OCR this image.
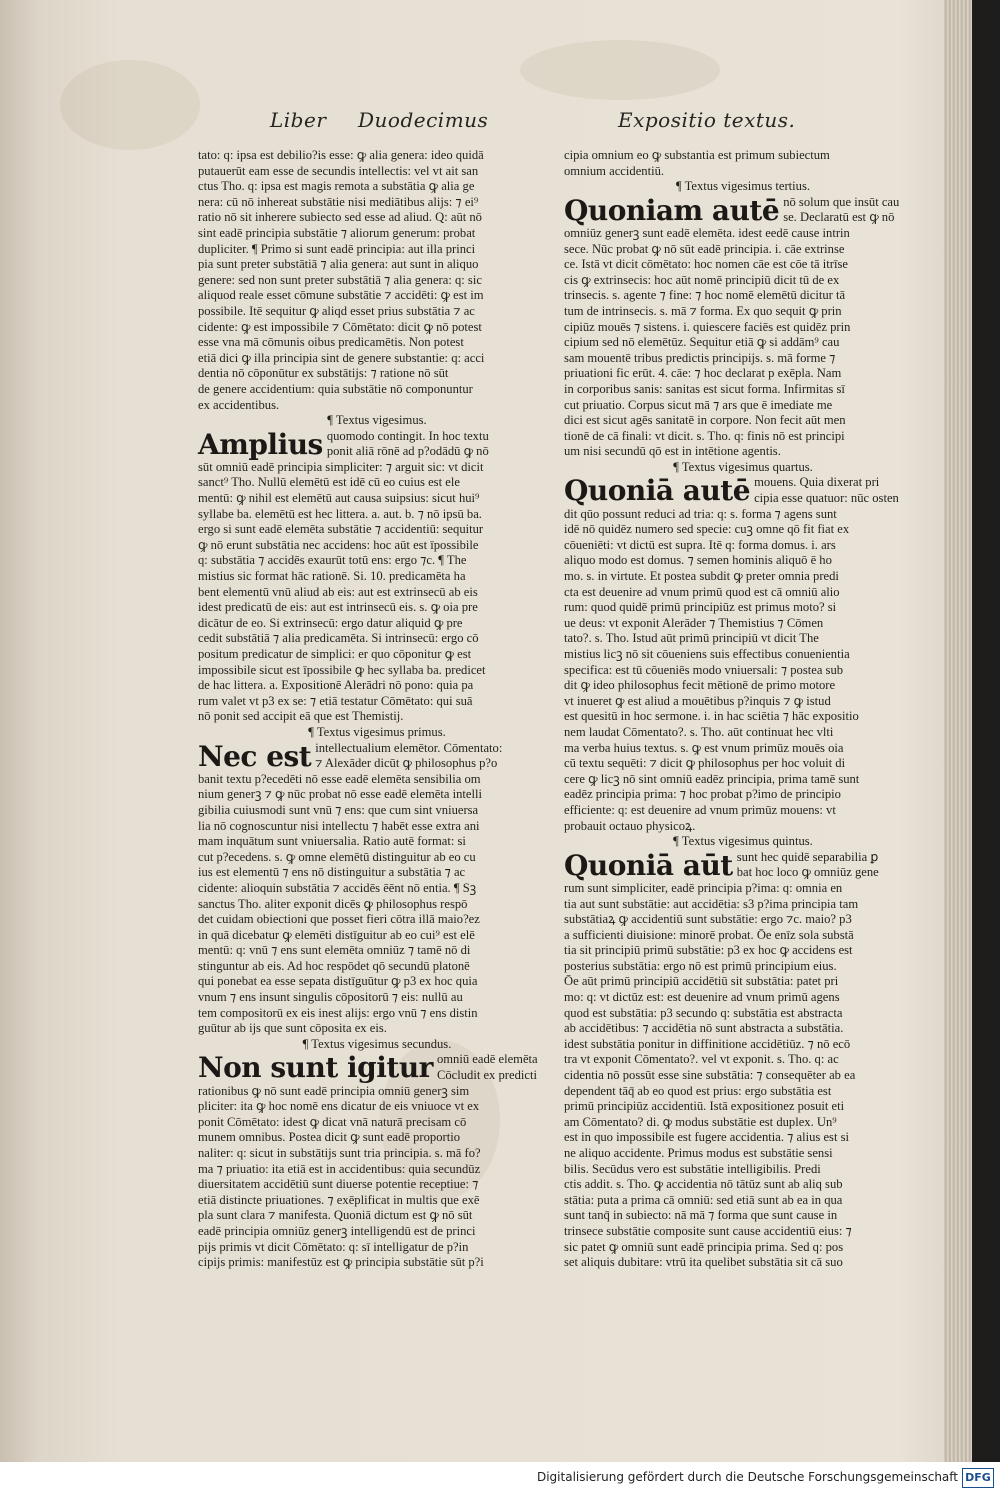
Liber Duodecimus	Expositio textus.
tato: q: ipsa est debilio?is esse: ꝙ alia genera: ideo quidā
putauerūt eam esse de secundis intellectis: vel vt ait san
ctus Tho. q: ipsa est magis remota a substātia ꝙ alia ge
nera: cū nō inhereat substātie nisi mediātibus alijs: ⁊ ei⁹
ratio nō sit inherere subiecto sed esse ad aliud. Q: aūt nō
sint eadē principia substātie ⁊ aliorum generum: probat
dupliciter. ¶ Primo si sunt eadē principia: aut illa princi
pia sunt preter substātiā ⁊ alia genera: aut sunt in aliquo
genere: sed non sunt preter substātiā ⁊ alia genera: q: sic
aliquod reale esset cōmune substātie ⁊ accidēti: ꝙ est im
possibile. Itē sequitur ꝙ aliqd esset prius substātia ⁊ ac
cidente: ꝙ est impossibile ⁊ Cōmētato: dicit ꝙ nō potest
esse vna mā cōmunis oibus predicamētis. Non potest
etiā dici ꝙ illa principia sint de genere substantie: q: acci
dentia nō cōponūtur ex substātijs: ⁊ ratione nō sūt
de genere accidentium: quia substātie nō componuntur
ex accidentibus.
¶ Textus vigesimus.
Amplius quomodo contingit. In hoc textu
ponit aliā rōnē ad p?odādū ꝙ nō
sūt omniū eadē principia simpliciter: ⁊ arguit sic: vt dicit
sanct⁹ Tho. Nullū elemētū est idē cū eo cuius est ele
mentū: ꝙ nihil est elemētū aut causa suipsius: sicut hui⁹
syllabe ba. elemētū est hec littera. a. aut. b. ⁊ nō ipsū ba.
ergo si sunt eadē elemēta substātie ⁊ accidentiū: sequitur
ꝙ nō erunt substātia nec accidens: hoc aūt est īpossibile
q: substātia ⁊ accidēs exaurūt totū ens: ergo ⁊c. ¶ The
mistius sic format hāc rationē. Si. 10. predicamēta ha
bent elementū vnū aliud ab eis: aut est extrinsecū ab eis
idest predicatū de eis: aut est intrinsecū eis. s. ꝙ oia pre
dicātur de eo. Si extrinsecū: ergo datur aliquid ꝙ pre
cedit substātiā ⁊ alia predicamēta. Si intrinsecū: ergo cō
positum predicatur de simplici: er quo cōponitur ꝙ est
impossibile sicut est īpossibile ꝙ hec syllaba ba. predicet
de hac littera. a. Expositionē Alerādri nō pono: quia pa
rum valet vt p3 ex se: ⁊ etiā testatur Cōmētato: qui suā
nō ponit sed accipit eā que est Themistij.
¶ Textus vigesimus primus.
Nec est intellectualium elemētor. Cōmentato:
⁊ Alexāder dicūt ꝙ philosophus p?o
banit textu p?ecedēti nō esse eadē elemēta sensibilia om
nium generꝫ ⁊ ꝙ nūc probat nō esse eadē elemēta intelli
gibilia cuiusmodi sunt vnū ⁊ ens: que cum sint vniuersa
lia nō cognoscuntur nisi intellectu ⁊ habēt esse extra ani
mam inquātum sunt vniuersalia. Ratio autē format: si
cut p?ecedens. s. ꝙ omne elemētū distinguitur ab eo cu
ius est elementū ⁊ ens nō distinguitur a substātia ⁊ ac
cidente: alioquin substātia ⁊ accidēs ēēnt nō entia. ¶ Sꝫ
sanctus Tho. aliter exponit dicēs ꝙ philosophus respō
det cuidam obiectioni que posset fieri cōtra illā maio?ez
in quā dicebatur ꝙ elemēti distīguitur ab eo cui⁹ est elē
mentū: q: vnū ⁊ ens sunt elemēta omniūz ⁊ tamē nō di
stinguntur ab eis. Ad hoc respōdet qō secundū platonē
qui ponebat ea esse sepata distīguūtur ꝙ p3 ex hoc quia
vnum ⁊ ens insunt singulis cōpositorū ⁊ eis: nullū au
tem compositorū ex eis inest alijs: ergo vnū ⁊ ens distin
guūtur ab ijs que sunt cōposita ex eis.
¶ Textus vigesimus secundus.
Non sunt igitur omniū eadē elemēta
Cōcludit ex predicti
rationibus ꝙ nō sunt eadē principia omniū generꝫ sim
pliciter: ita ꝙ hoc nomē ens dicatur de eis vniuoce vt ex
ponit Cōmētato: idest ꝙ dicat vnā naturā precisam cō
munem omnibus. Postea dicit ꝙ sunt eadē proportio
naliter: q: sicut in substātijs sunt tria principia. s. mā fo?
ma ⁊ priuatio: ita etiā est in accidentibus: quia secundūz
diuersitatem accidētiū sunt diuerse potentie receptiue: ⁊
etiā distincte priuationes. ⁊ exēplificat in multis que exē
pla sunt clara ⁊ manifesta. Quoniā dictum est ꝙ nō sūt
eadē principia omniūz generꝫ intelligendū est de princi
pijs primis vt dicit Cōmētato: q: sī intelligatur de p?in
cipijs primis: manifestūz est ꝙ principia substātie sūt p?i
cipia omnium eo ꝙ substantia est primum subiectum
omnium accidentiū.
¶ Textus vigesimus tertius.
Quoniam autē nō solum que insūt cau
se. Declaratū est ꝙ nō
omniūz generꝫ sunt eadē elemēta. idest eedē cause intrin
sece. Nūc probat ꝙ nō sūt eadē principia. i. cāe extrinse
ce. Istā vt dicit cōmētato: hoc nomen cāe est cōe tā itrīse
cis ꝙ extrinsecis: hoc aūt nomē principiū dicit tū de ex
trinsecis. s. agente ⁊ fine: ⁊ hoc nomē elemētū dicitur tā
tum de intrinsecis. s. mā ⁊ forma. Ex quo sequit ꝙ prin
cipiūz mouēs ⁊ sistens. i. quiescere faciēs est quidēz prin
cipium sed nō elemētūz. Sequitur etiā ꝙ si addām⁹ cau
sam mouentē tribus predictis principijs. s. mā forme ⁊
priuationi fic erūt. 4. cāe: ⁊ hoc declarat p exēpla. Nam
in corporibus sanis: sanitas est sicut forma. Infirmitas sī
cut priuatio. Corpus sicut mā ⁊ ars que ē imediate me
dici est sicut agēs sanitatē in corpore. Non fecit aūt men
tionē de cā finali: vt dicit. s. Tho. q: finis nō est principi
um nisi secundū qō est in intētione agentis.
¶ Textus vigesimus quartus.
Quoniā autē mouens. Quia dixerat pri
cipia esse quatuor: nūc osten
dit qūo possunt reduci ad tria: q: s. forma ⁊ agens sunt
idē nō quidēz numero sed specie: cuꝫ omne qō fit fiat ex
cōueniēti: vt dictū est supra. Itē q: forma domus. i. ars
aliquo modo est domus. ⁊ semen hominis aliquō ē ho
mo. s. in virtute. Et postea subdit ꝙ preter omnia predi
cta est deuenire ad vnum primū quod est cā omniū alio
rum: quod quidē primū principiūz est primus moto? si
ue deus: vt exponit Alerāder ⁊ Themistius ⁊ Cōmen
tato?. s. Tho. Istud aūt primū principiū vt dicit The
mistius licꝫ nō sit cōueniens suis effectibus conuenientia
specifica: est tū cōueniēs modo vniuersali: ⁊ postea sub
dit ꝙ ideo philosophus fecit mētionē de primo motore
vt inueret ꝙ est aliud a mouētibus p?inquis ⁊ ꝙ istud
est quesitū in hoc sermone. i. in hac sciētia ⁊ hāc expositio
nem laudat Cōmentato?. s. Tho. aūt continuat hec vlti
ma verba huius textus. s. ꝙ est vnum primūz mouēs oia
cū textu sequēti: ⁊ dicit ꝙ philosophus per hoc voluit di
cere ꝙ licꝫ nō sint omniū eadēz principia, prima tamē sunt
eadēz principia prima: ⁊ hoc probat p?imo de principio
efficiente: q: est deuenire ad vnum primūz mouens: vt
probauit octauo physicoꝝ.
¶ Textus vigesimus quintus.
Quoniā aūt sunt hec quidē separabilia ꝑ
bat hoc loco ꝙ omniūz gene
rum sunt simpliciter, eadē principia p?ima: q: omnia en
tia aut sunt substātie: aut accidētia: s3 p?ima principia tam
substātiaꝝ ꝙ accidentiū sunt substātie: ergo ⁊c. maio? p3
a sufficienti diuisione: minorē probat. Ōe enīz sola substā
tia sit principiū primū substātie: p3 ex hoc ꝙ accidens est
posterius substātia: ergo nō est primū principium eius.
Ōe aūt primū principiū accidētiū sit substātia: patet pri
mo: q: vt dictūz est: est deuenire ad vnum primū agens
quod est substātia: p3 secundo q: substātia est abstracta
ab accidētibus: ⁊ accidētia nō sunt abstracta a substātia.
idest substātia ponitur in diffinitione accidētiūz. ⁊ nō ecō
tra vt exponit Cōmentato?. vel vt exponit. s. Tho. q: ac
cidentia nō possūt esse sine substātia: ⁊ consequēter ab ea
dependent tāq̄ ab eo quod est prius: ergo substātia est
primū principiūz accidentiū. Istā expositionez posuit eti
am Cōmentato? di. ꝙ modus substātie est duplex. Un⁹
est in quo impossibile est fugere accidentia. ⁊ alius est si
ne aliquo accidente. Primus modus est substātie sensi
bilis. Secūdus vero est substātie intelligibilis. Predi
ctis addit. s. Tho. ꝙ accidentia nō tātūz sunt ab aliq sub
stātia: puta a prima cā omniū: sed etiā sunt ab ea in qua
sunt tanq̄ in subiecto: nā mā ⁊ forma que sunt cause in
trinsece substātie composite sunt cause accidentiū eius: ⁊
sic patet ꝙ omniū sunt eadē principia prima. Sed q: pos
set aliquis dubitare: vtrū ita quelibet substātia sit cā suo
Digitalisierung gefördert durch die Deutsche Forschungsgemeinschaft DFG
